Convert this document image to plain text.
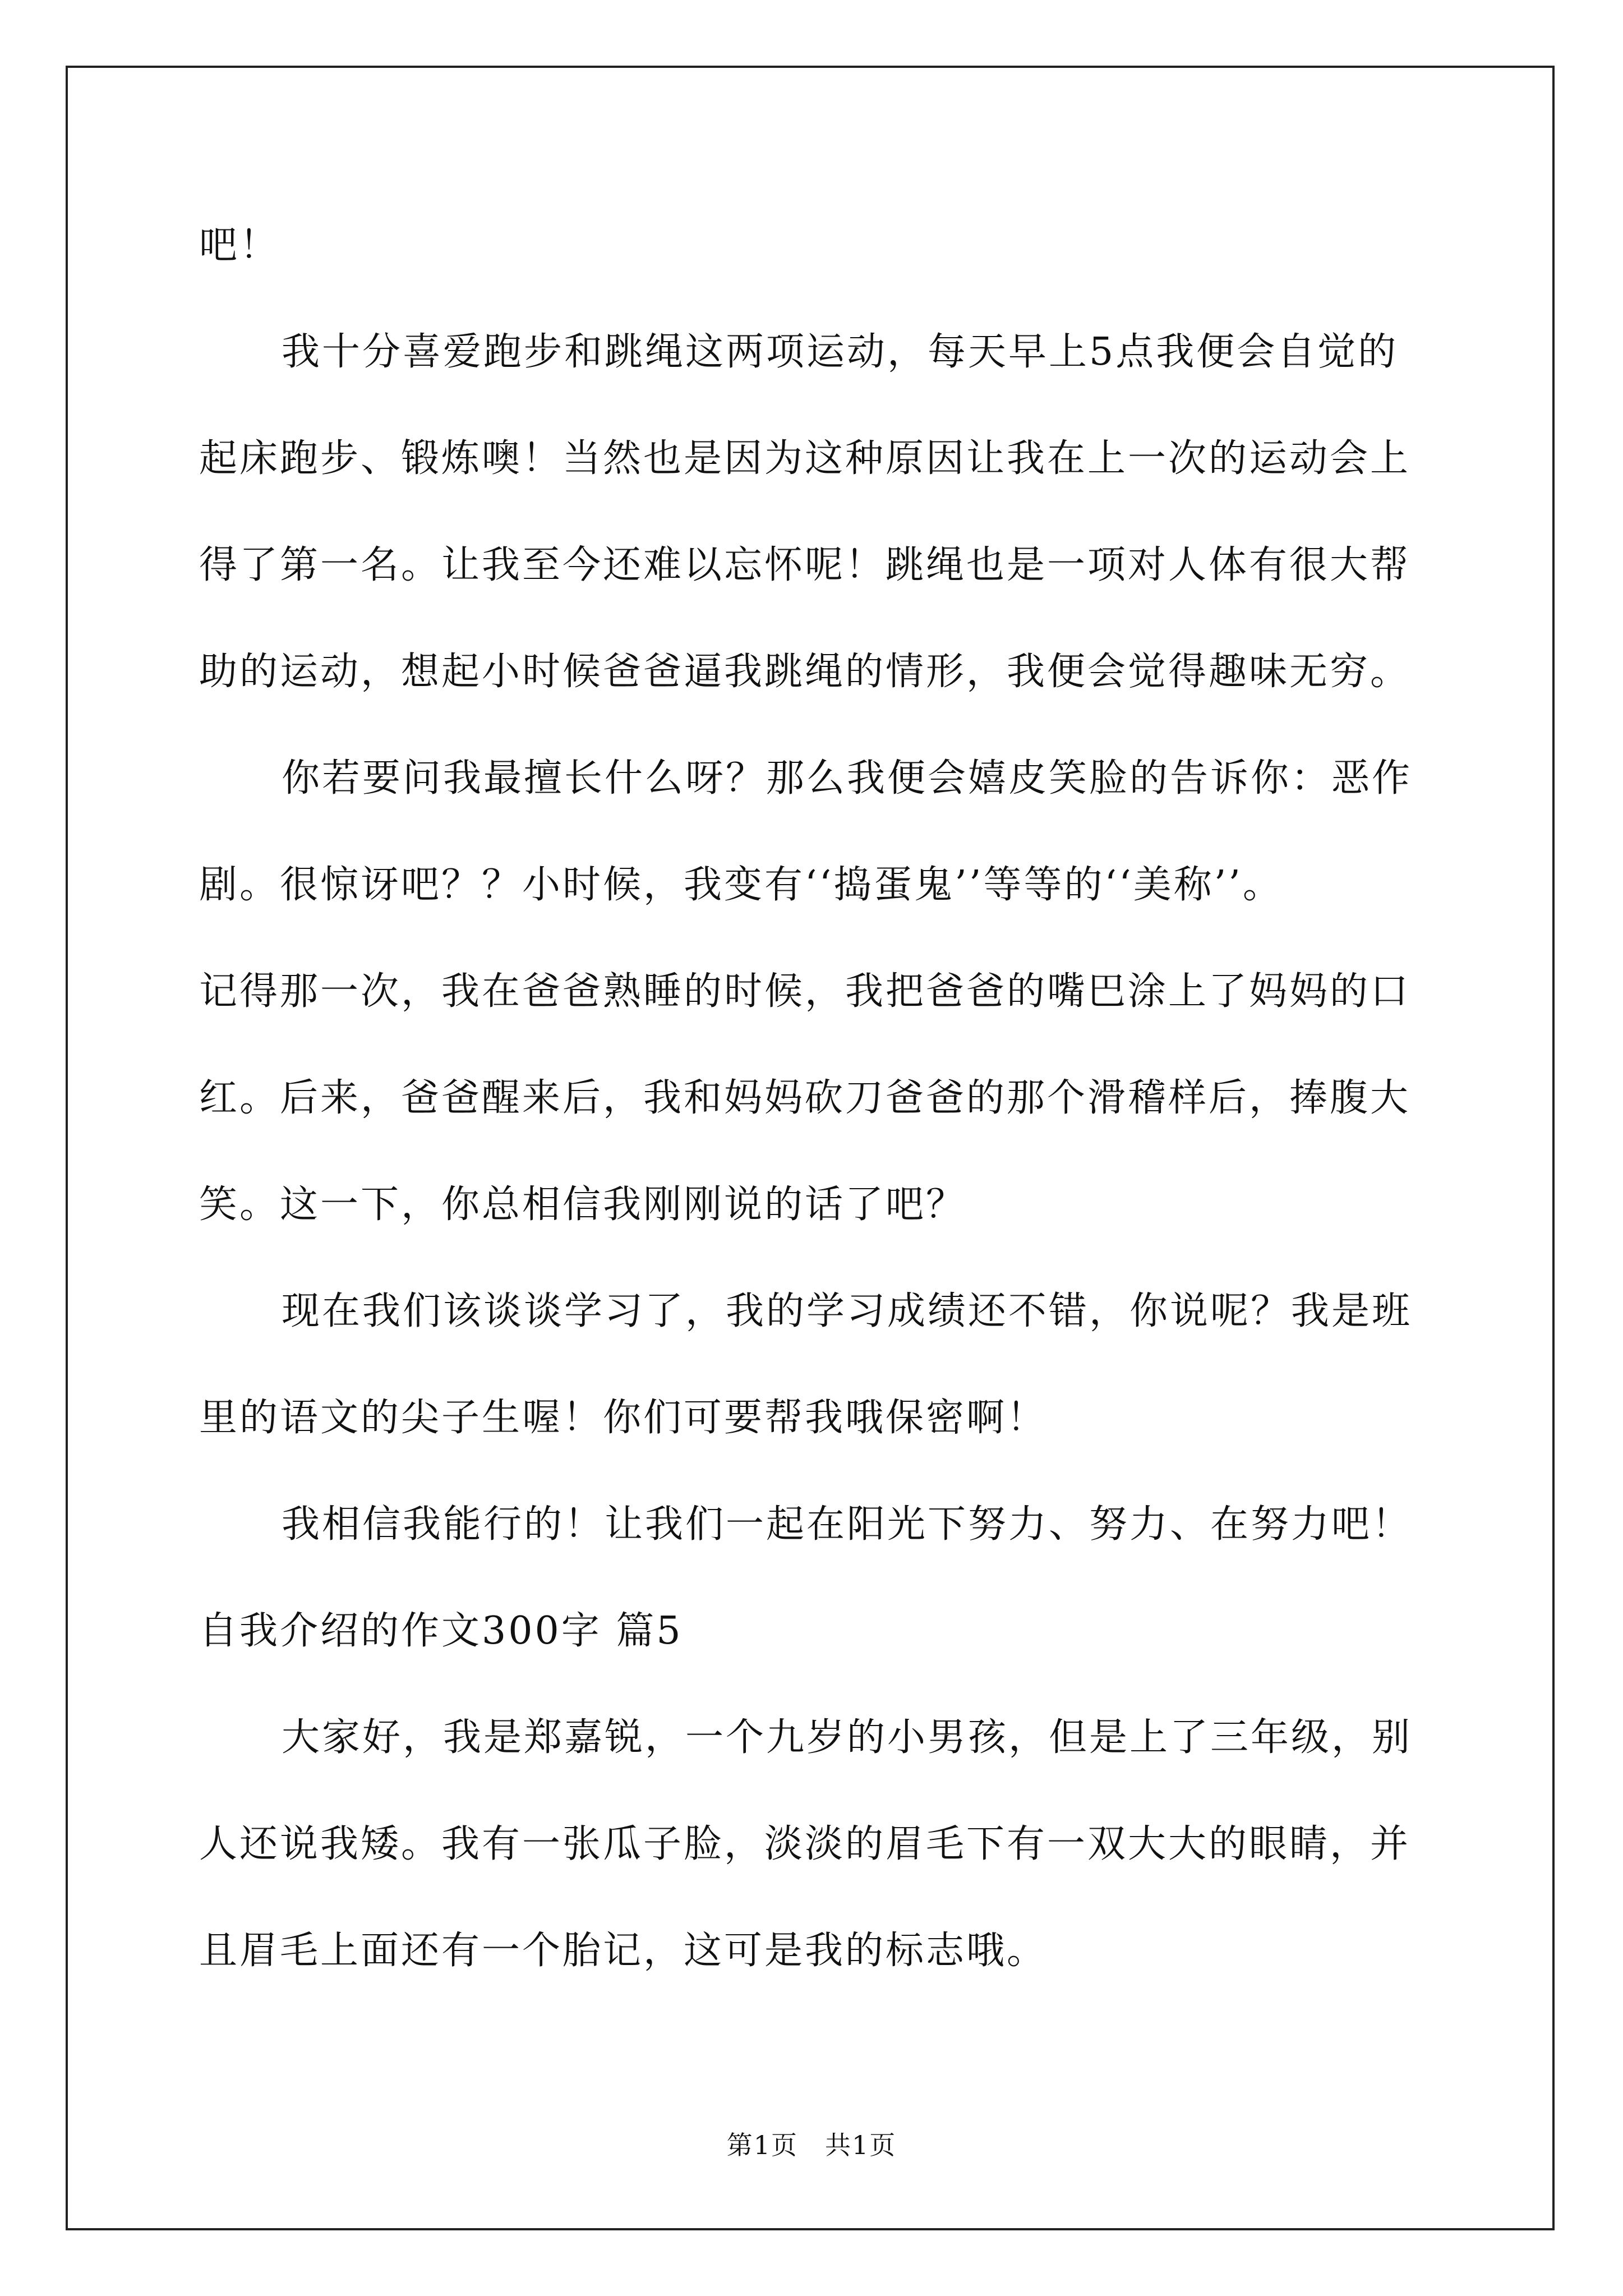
吧！
我十分喜爱跑步和跳绳这两项运动，每天早上5点我便会自觉的
起床跑步、锻炼噢！当然也是因为这种原因让我在上一次的运动会上
得了第一名。让我至今还难以忘怀呢！跳绳也是一项对人体有很大帮
助的运动，想起小时候爸爸逼我跳绳的情形，我便会觉得趣味无穷。
你若要问我最擅长什么呀？那么我便会嬉皮笑脸的告诉你：恶作
剧。很惊讶吧？？小时候，我变有‘‘捣蛋鬼’’等等的‘‘美称’’。
记得那一次，我在爸爸熟睡的时候，我把爸爸的嘴巴涂上了妈妈的口
红。后来，爸爸醒来后，我和妈妈砍刀爸爸的那个滑稽样后，捧腹大
笑。这一下，你总相信我刚刚说的话了吧？
现在我们该谈谈学习了，我的学习成绩还不错，你说呢？我是班
里的语文的尖子生喔！你们可要帮我哦保密啊！
我相信我能行的！让我们一起在阳光下努力、努力、在努力吧！
自我介绍的作文300字 篇5
大家好，我是郑嘉锐，一个九岁的小男孩，但是上了三年级，别
人还说我矮。我有一张瓜子脸，淡淡的眉毛下有一双大大的眼睛，并
且眉毛上面还有一个胎记，这可是我的标志哦。
第1页　共1页
